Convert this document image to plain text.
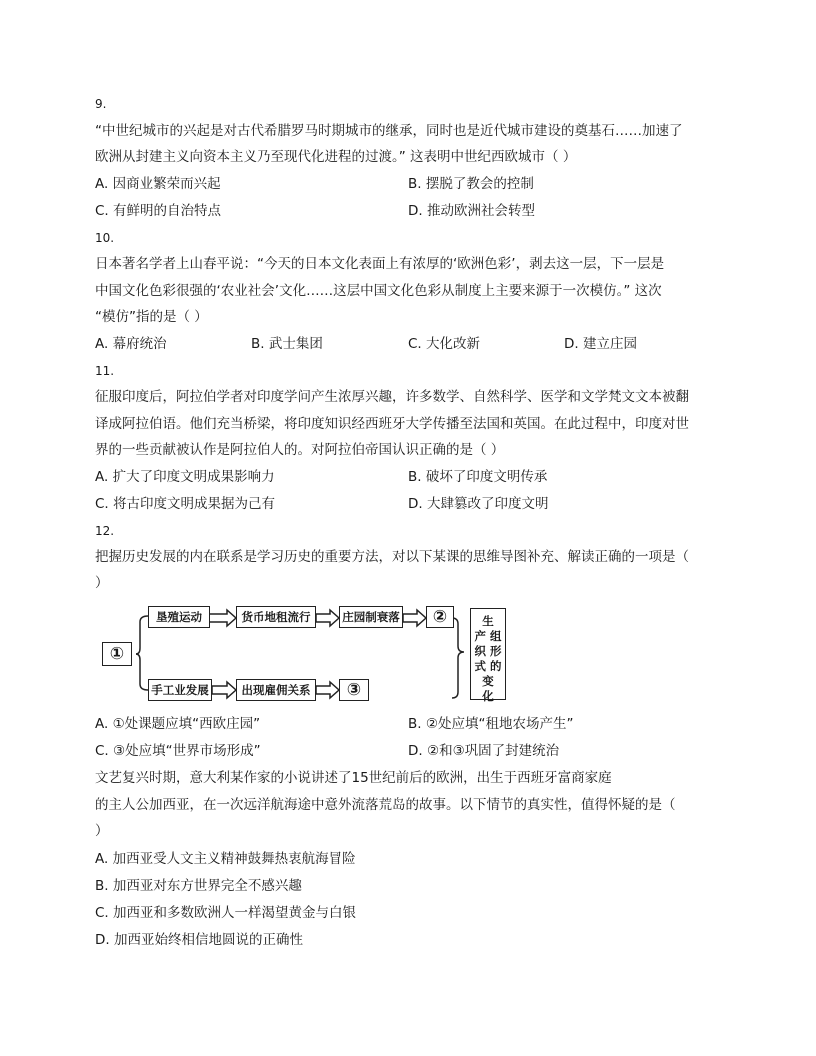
9.
“中世纪城市的兴起是对古代希腊罗马时期城市的继承，同时也是近代城市建设的奠基石……加速了
欧洲从封建主义向资本主义乃至现代化进程的过渡。” 这表明中世纪西欧城市（ ）
A. 因商业繁荣而兴起	B. 摆脱了教会的控制
C. 有鲜明的自治特点	D. 推动欧洲社会转型
10.
日本著名学者上山春平说：“今天的日本文化表面上有浓厚的‘欧洲色彩’，剥去这一层，下一层是
中国文化色彩很强的‘农业社会’文化……这层中国文化色彩从制度上主要来源于一次模仿。” 这次
“模仿”指的是（ ）
A. 幕府统治	B. 武士集团	C. 大化改新	D. 建立庄园
11.
征服印度后，阿拉伯学者对印度学问产生浓厚兴趣，许多数学、自然科学、医学和文学梵文文本被翻
译成阿拉伯语。他们充当桥梁，将印度知识经西班牙大学传播至法国和英国。在此过程中，印度对世
界的一些贡献被认作是阿拉伯人的。对阿拉伯帝国认识正确的是（ ）
A. 扩大了印度文明成果影响力	B. 破坏了印度文明传承
C. 将古印度文明成果据为己有	D. 大肆篡改了印度文明
12.
把握历史发展的内在联系是学习历史的重要方法，对以下某课的思维导图补充、解读正确的一项是（
）
①
垦殖运动	货币地租流行	庄园制衰落	②
手工业发展	出现雇佣关系	③
生
产 组织 形式 的变
化
A. ①处课题应填“西欧庄园”	B. ②处应填“租地农场产生”
C. ③处应填“世界市场形成”	D. ②和③巩固了封建统治
文艺复兴时期，意大利某作家的小说讲述了15世纪前后的欧洲，出生于西班牙富商家庭
的主人公加西亚，在一次远洋航海途中意外流落荒岛的故事。以下情节的真实性，值得怀疑的是（
）
A. 加西亚受人文主义精神鼓舞热衷航海冒险
B. 加西亚对东方世界完全不感兴趣
C. 加西亚和多数欧洲人一样渴望黄金与白银
D. 加西亚始终相信地圆说的正确性
